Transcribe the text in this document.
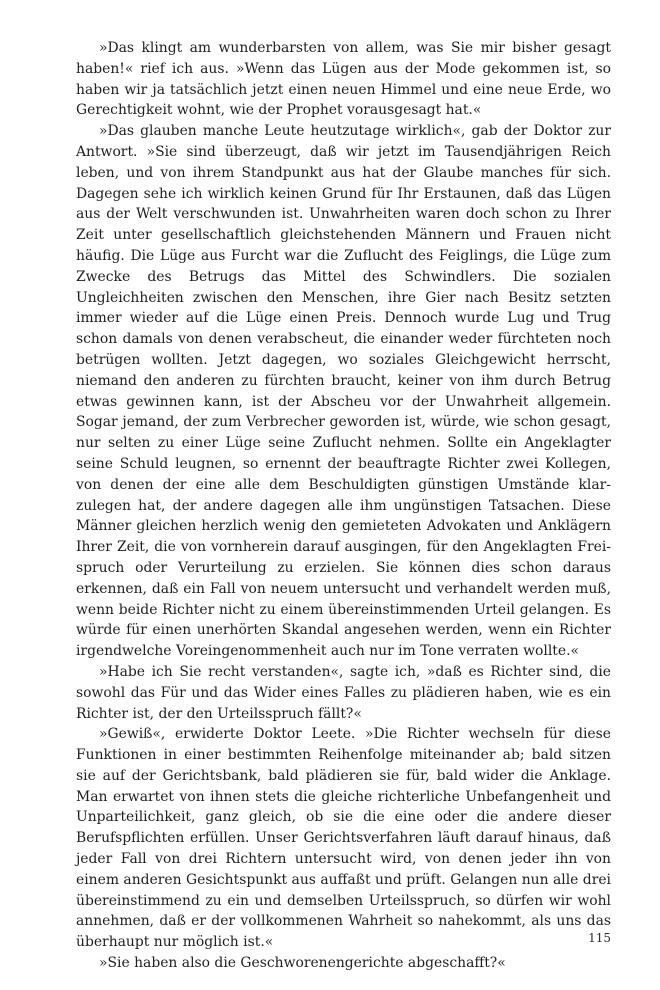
»Das klingt am wunderbarsten von allem, was Sie mir bisher gesagt haben!« rief ich aus. »Wenn das Lügen aus der Mode gekommen ist, so haben wir ja tatsächlich jetzt einen neuen Himmel und eine neue Erde, wo Gerechtigkeit wohnt, wie der Prophet vorausgesagt hat.«

»Das glauben manche Leute heutzutage wirklich«, gab der Doktor zur Antwort. »Sie sind überzeugt, daß wir jetzt im Tausendjährigen Reich leben, und von ihrem Standpunkt aus hat der Glaube manches für sich. Dagegen sehe ich wirklich keinen Grund für Ihr Erstaunen, daß das Lügen aus der Welt verschwunden ist. Unwahrheiten waren doch schon zu Ihrer Zeit unter gesellschaftlich gleichstehenden Männern und Frauen nicht häufig. Die Lüge aus Furcht war die Zuflucht des Feiglings, die Lüge zum Zwecke des Betrugs das Mittel des Schwindlers. Die sozialen Ungleichheiten zwischen den Menschen, ihre Gier nach Besitz setzten immer wieder auf die Lüge einen Preis. Dennoch wurde Lug und Trug schon damals von denen verabscheut, die einander weder fürchteten noch betrügen wollten. Jetzt dagegen, wo soziales Gleichgewicht herrscht, niemand den anderen zu fürchten braucht, keiner von ihm durch Betrug etwas gewinnen kann, ist der Abscheu vor der Unwahrheit allgemein. Sogar jemand, der zum Verbrecher geworden ist, würde, wie schon gesagt, nur selten zu einer Lüge seine Zuflucht nehmen. Sollte ein Angeklagter seine Schuld leugnen, so ernennt der beauftragte Richter zwei Kollegen, von denen der eine alle dem Beschuldigten günstigen Umstände klarzulegen hat, der andere dagegen alle ihm ungünstigen Tatsachen. Diese Männer gleichen herzlich wenig den gemieteten Advokaten und Anklägern Ihrer Zeit, die von vornherein darauf ausgingen, für den Angeklagten Freispruch oder Verurteilung zu erzielen. Sie können dies schon daraus erkennen, daß ein Fall von neuem untersucht und verhandelt werden muß, wenn beide Richter nicht zu einem übereinstimmenden Urteil gelangen. Es würde für einen unerhörten Skandal angesehen werden, wenn ein Richter irgendwelche Voreingenommenheit auch nur im Tone verraten wollte.«

»Habe ich Sie recht verstanden«, sagte ich, »daß es Richter sind, die sowohl das Für und das Wider eines Falles zu plädieren haben, wie es ein Richter ist, der den Urteilsspruch fällt?«

»Gewiß«, erwiderte Doktor Leete. »Die Richter wechseln für diese Funktionen in einer bestimmten Reihenfolge miteinander ab; bald sitzen sie auf der Gerichtsbank, bald plädieren sie für, bald wider die Anklage. Man erwartet von ihnen stets die gleiche richterliche Unbefangenheit und Unparteilichkeit, ganz gleich, ob sie die eine oder die andere dieser Berufspflichten erfüllen. Unser Gerichtsverfahren läuft darauf hinaus, daß jeder Fall von drei Richtern untersucht wird, von denen jeder ihn von einem anderen Gesichtspunkt aus auffaßt und prüft. Gelangen nun alle drei übereinstimmend zu ein und demselben Urteilsspruch, so dürfen wir wohl annehmen, daß er der vollkommenen Wahrheit so nahekommt, als uns das überhaupt nur möglich ist.«

»Sie haben also die Geschworenengerichte abgeschafft?«

115
